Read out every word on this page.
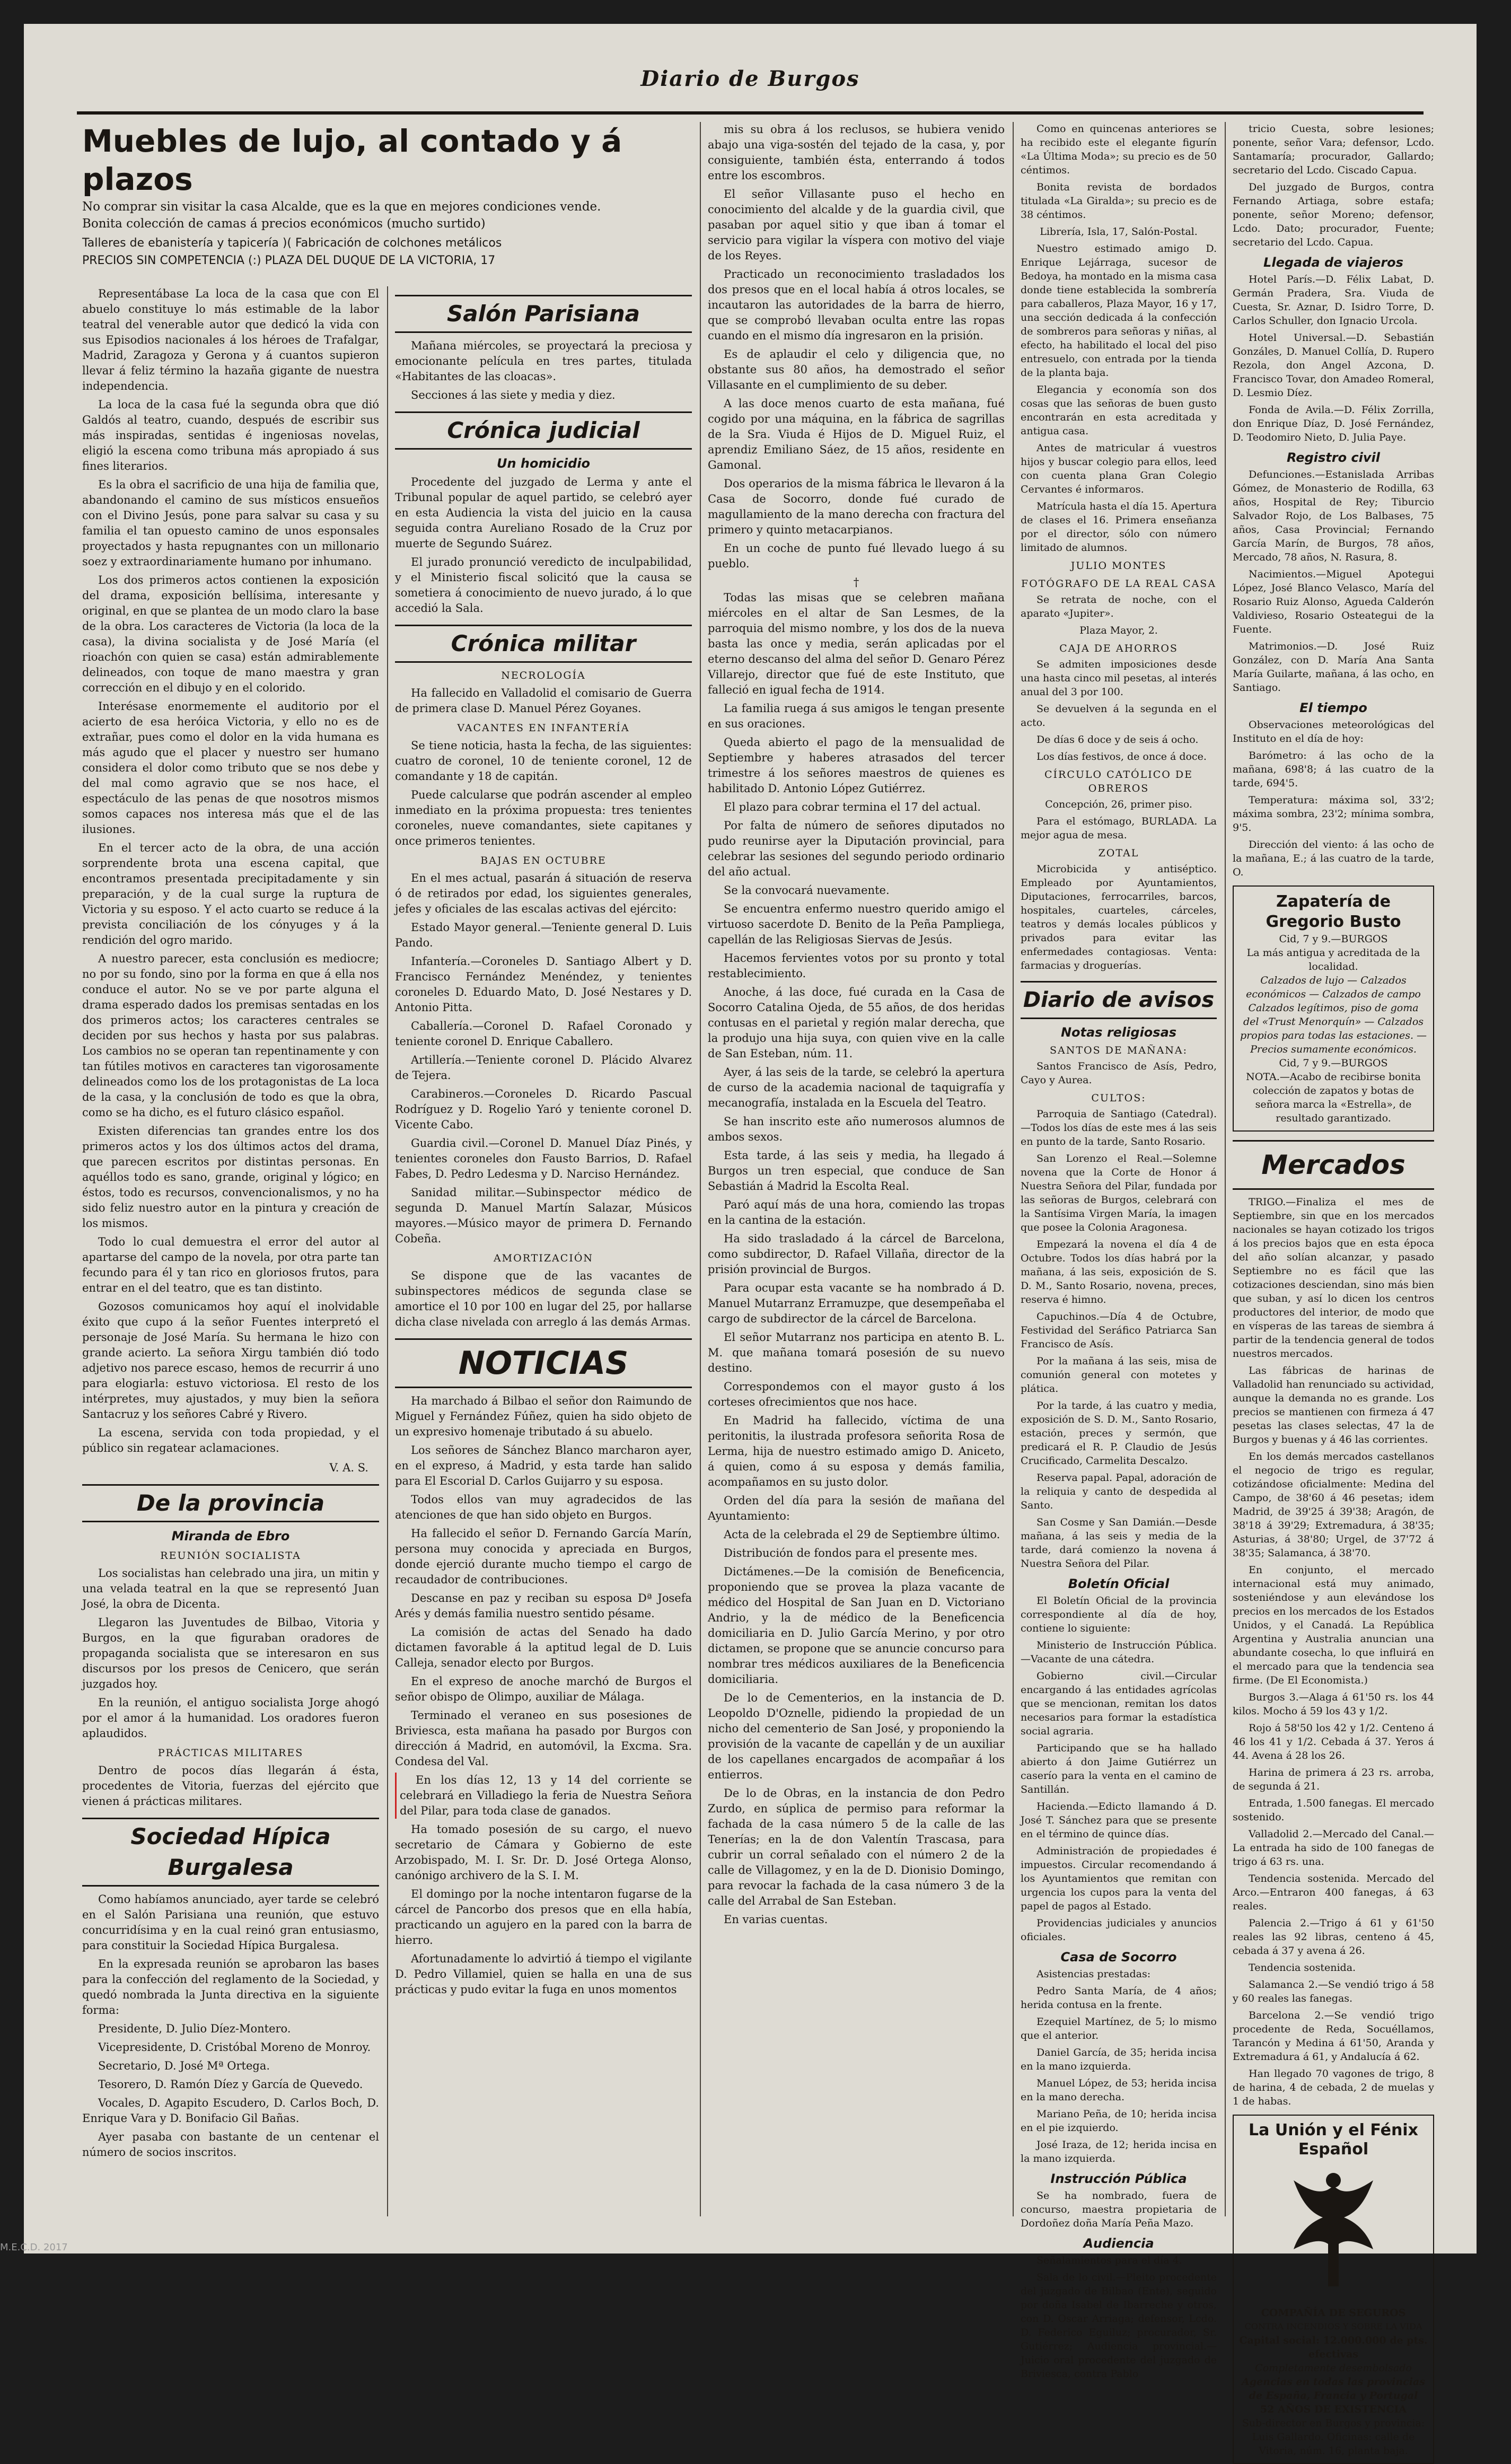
Diario de Burgos
Muebles de lujo, al contado y á plazos
No comprar sin visitar la casa Alcalde, que es la que en mejores condiciones vende.
Bonita colección de camas á precios económicos (mucho surtido)
Talleres de ebanistería y tapicería )( Fabricación de colchones metálicos
PRECIOS SIN COMPETENCIA (:) PLAZA DEL DUQUE DE LA VICTORIA, 17

Representábase La loca de la casa que con El abuelo constituye lo más estimable de la labor teatral del venerable autor que dedicó la vida con sus Episodios nacionales á los héroes de Trafalgar, Madrid, Zaragoza y Gerona y á cuantos supieron llevar á feliz término la hazaña gigante de nuestra independencia.

La loca de la casa fué la segunda obra que dió Galdós al teatro, cuando, después de escribir sus más inspiradas, sentidas é ingeniosas novelas, eligió la escena como tribuna más apropiado á sus fines literarios.

Es la obra el sacrificio de una hija de familia que, abandonando el camino de sus místicos ensueños con el Divino Jesús, pone para salvar su casa y su familia el tan opuesto camino de unos esponsales proyectados y hasta repugnantes con un millonario soez y extraordinariamente humano por inhumano.

Los dos primeros actos contienen la exposición del drama, exposición bellísima, interesante y original, en que se plantea de un modo claro la base de la obra. Los caracteres de Victoria (la loca de la casa), la divina socialista y de José María (el rioachón con quien se casa) están admirablemente delineados, con toque de mano maestra y gran corrección en el dibujo y en el colorido.

Interésase enormemente el auditorio por el acierto de esa heróica Victoria, y ello no es de extrañar, pues como el dolor en la vida humana es más agudo que el placer y nuestro ser humano considera el dolor como tributo que se nos debe y del mal como agravio que se nos hace, el espectáculo de las penas de que nosotros mismos somos capaces nos interesa más que el de las ilusiones.

En el tercer acto de la obra, de una acción sorprendente brota una escena capital, que encontramos presentada precipitadamente y sin preparación, y de la cual surge la ruptura de Victoria y su esposo. Y el acto cuarto se reduce á la prevista conciliación de los cónyuges y á la rendición del ogro marido.

A nuestro parecer, esta conclusión es mediocre; no por su fondo, sino por la forma en que á ella nos conduce el autor. No se ve por parte alguna el drama esperado dados los premisas sentadas en los dos primeros actos; los caracteres centrales se deciden por sus hechos y hasta por sus palabras. Los cambios no se operan tan repentinamente y con tan fútiles motivos en caracteres tan vigorosamente delineados como los de los protagonistas de La loca de la casa, y la conclusión de todo es que la obra, como se ha dicho, es el futuro clásico español.

Existen diferencias tan grandes entre los dos primeros actos y los dos últimos actos del drama, que parecen escritos por distintas personas. En aquéllos todo es sano, grande, original y lógico; en éstos, todo es recursos, convencionalismos, y no ha sido feliz nuestro autor en la pintura y creación de los mismos.

Todo lo cual demuestra el error del autor al apartarse del campo de la novela, por otra parte tan fecundo para él y tan rico en gloriosos frutos, para entrar en el del teatro, que es tan distinto.

Gozosos comunicamos hoy aquí el inolvidable éxito que cupo á la señor Fuentes interpretó el personaje de José María. Su hermana le hizo con grande acierto. La señora Xirgu también dió todo adjetivo nos parece escaso, hemos de recurrir á uno para elogiarla: estuvo victoriosa. El resto de los intérpretes, muy ajustados, y muy bien la señora Santacruz y los señores Cabré y Rivero.

La escena, servida con toda propiedad, y el público sin regatear aclamaciones.

V. A. S.
De la provincia
Miranda de Ebro
REUNIÓN SOCIALISTA

Los socialistas han celebrado una jira, un mitin y una velada teatral en la que se representó Juan José, la obra de Dicenta.

Llegaron las Juventudes de Bilbao, Vitoria y Burgos, en la que figuraban oradores de propaganda socialista que se interesaron en sus discursos por los presos de Cenicero, que serán juzgados hoy.

En la reunión, el antiguo socialista Jorge ahogó por el amor á la humanidad. Los oradores fueron aplaudidos.

PRÁCTICAS MILITARES

Dentro de pocos días llegarán á ésta, procedentes de Vitoria, fuerzas del ejército que vienen á prácticas militares.

Sociedad Hípica Burgalesa

Como habíamos anunciado, ayer tarde se celebró en el Salón Parisiana una reunión, que estuvo concurridísima y en la cual reinó gran entusiasmo, para constituir la Sociedad Hípica Burgalesa.

En la expresada reunión se aprobaron las bases para la confección del reglamento de la Sociedad, y quedó nombrada la Junta directiva en la siguiente forma:

Presidente, D. Julio Díez-Montero.

Vicepresidente, D. Cristóbal Moreno de Monroy.

Secretario, D. José Mª Ortega.

Tesorero, D. Ramón Díez y García de Quevedo.

Vocales, D. Agapito Escudero, D. Carlos Boch, D. Enrique Vara y D. Bonifacio Gil Bañas.

Ayer pasaba con bastante de un centenar el número de socios inscritos.

Salón Parisiana

Mañana miércoles, se proyectará la preciosa y emocionante película en tres partes, titulada «Habitantes de las cloacas».

Secciones á las siete y media y diez.

Crónica judicial
Un homicidio

Procedente del juzgado de Lerma y ante el Tribunal popular de aquel partido, se celebró ayer en esta Audiencia la vista del juicio en la causa seguida contra Aureliano Rosado de la Cruz por muerte de Segundo Suárez.

El jurado pronunció veredicto de inculpabilidad, y el Ministerio fiscal solicitó que la causa se sometiera á conocimiento de nuevo jurado, á lo que accedió la Sala.

Crónica militar
NECROLOGÍA

Ha fallecido en Valladolid el comisario de Guerra de primera clase D. Manuel Pérez Goyanes.

VACANTES EN INFANTERÍA

Se tiene noticia, hasta la fecha, de las siguientes: cuatro de coronel, 10 de teniente coronel, 12 de comandante y 18 de capitán.

Puede calcularse que podrán ascender al empleo inmediato en la próxima propuesta: tres tenientes coroneles, nueve comandantes, siete capitanes y once primeros tenientes.

BAJAS EN OCTUBRE

En el mes actual, pasarán á situación de reserva ó de retirados por edad, los siguientes generales, jefes y oficiales de las escalas activas del ejército:

Estado Mayor general.—Teniente general D. Luis Pando.

Infantería.—Coroneles D. Santiago Albert y D. Francisco Fernández Menéndez, y tenientes coroneles D. Eduardo Mato, D. José Nestares y D. Antonio Pitta.

Caballería.—Coronel D. Rafael Coronado y teniente coronel D. Enrique Caballero.

Artillería.—Teniente coronel D. Plácido Alvarez de Tejera.

Carabineros.—Coroneles D. Ricardo Pascual Rodríguez y D. Rogelio Yaró y teniente coronel D. Vicente Cabo.

Guardia civil.—Coronel D. Manuel Díaz Pinés, y tenientes coroneles don Fausto Barrios, D. Rafael Fabes, D. Pedro Ledesma y D. Narciso Hernández.

Sanidad militar.—Subinspector médico de segunda D. Manuel Martín Salazar, Músicos mayores.—Músico mayor de primera D. Fernando Cobeña.

AMORTIZACIÓN

Se dispone que de las vacantes de subinspectores médicos de segunda clase se amortice el 10 por 100 en lugar del 25, por hallarse dicha clase nivelada con arreglo á las demás Armas.

NOTICIAS

Ha marchado á Bilbao el señor don Raimundo de Miguel y Fernández Fúñez, quien ha sido objeto de un expresivo homenaje tributado á su abuelo.

Los señores de Sánchez Blanco marcharon ayer, en el expreso, á Madrid, y esta tarde han salido para El Escorial D. Carlos Guijarro y su esposa.

Todos ellos van muy agradecidos de las atenciones de que han sido objeto en Burgos.

Ha fallecido el señor D. Fernando García Marín, persona muy conocida y apreciada en Burgos, donde ejerció durante mucho tiempo el cargo de recaudador de contribuciones.

Descanse en paz y reciban su esposa Dª Josefa Arés y demás familia nuestro sentido pésame.

La comisión de actas del Senado ha dado dictamen favorable á la aptitud legal de D. Luis Calleja, senador electo por Burgos.

En el expreso de anoche marchó de Burgos el señor obispo de Olimpo, auxiliar de Málaga.

Terminado el veraneo en sus posesiones de Briviesca, esta mañana ha pasado por Burgos con dirección á Madrid, en automóvil, la Excma. Sra. Condesa del Val.

En los días 12, 13 y 14 del corriente se celebrará en Villadiego la feria de Nuestra Señora del Pilar, para toda clase de ganados.

Ha tomado posesión de su cargo, el nuevo secretario de Cámara y Gobierno de este Arzobispado, M. I. Sr. Dr. D. José Ortega Alonso, canónigo archivero de la S. I. M.

El domingo por la noche intentaron fugarse de la cárcel de Pancorbo dos presos que en ella había, practicando un agujero en la pared con la barra de hierro.

Afortunadamente lo advirtió á tiempo el vigilante D. Pedro Villamiel, quien se halla en una de sus prácticas y pudo evitar la fuga en unos momentos

mis su obra á los reclusos, se hubiera venido abajo una viga-sostén del tejado de la casa, y, por consiguiente, también ésta, enterrando á todos entre los escombros.

El señor Villasante puso el hecho en conocimiento del alcalde y de la guardia civil, que pasaban por aquel sitio y que iban á tomar el servicio para vigilar la víspera con motivo del viaje de los Reyes.

Practicado un reconocimiento trasladados los dos presos que en el local había á otros locales, se incautaron las autoridades de la barra de hierro, que se comprobó llevaban oculta entre las ropas cuando en el mismo día ingresaron en la prisión.

Es de aplaudir el celo y diligencia que, no obstante sus 80 años, ha demostrado el señor Villasante en el cumplimiento de su deber.

A las doce menos cuarto de esta mañana, fué cogido por una máquina, en la fábrica de sagrillas de la Sra. Viuda é Hijos de D. Miguel Ruiz, el aprendiz Emiliano Sáez, de 15 años, residente en Gamonal.

Dos operarios de la misma fábrica le llevaron á la Casa de Socorro, donde fué curado de magullamiento de la mano derecha con fractura del primero y quinto metacarpianos.

En un coche de punto fué llevado luego á su pueblo.

†

Todas las misas que se celebren mañana miércoles en el altar de San Lesmes, de la parroquia del mismo nombre, y los dos de la nueva basta las once y media, serán aplicadas por el eterno descanso del alma del señor D. Genaro Pérez Villarejo, director que fué de este Instituto, que falleció en igual fecha de 1914.

La familia ruega á sus amigos le tengan presente en sus oraciones.

Queda abierto el pago de la mensualidad de Septiembre y haberes atrasados del tercer trimestre á los señores maestros de quienes es habilitado D. Antonio López Gutiérrez.

El plazo para cobrar termina el 17 del actual.

Por falta de número de señores diputados no pudo reunirse ayer la Diputación provincial, para celebrar las sesiones del segundo periodo ordinario del año actual.

Se la convocará nuevamente.

Se encuentra enfermo nuestro querido amigo el virtuoso sacerdote D. Benito de la Peña Pampliega, capellán de las Religiosas Siervas de Jesús.

Hacemos fervientes votos por su pronto y total restablecimiento.

Anoche, á las doce, fué curada en la Casa de Socorro Catalina Ojeda, de 55 años, de dos heridas contusas en el parietal y región malar derecha, que la produjo una hija suya, con quien vive en la calle de San Esteban, núm. 11.

Ayer, á las seis de la tarde, se celebró la apertura de curso de la academia nacional de taquigrafía y mecanografía, instalada en la Escuela del Teatro.

Se han inscrito este año numerosos alumnos de ambos sexos.

Esta tarde, á las seis y media, ha llegado á Burgos un tren especial, que conduce de San Sebastián á Madrid la Escolta Real.

Paró aquí más de una hora, comiendo las tropas en la cantina de la estación.

Ha sido trasladado á la cárcel de Barcelona, como subdirector, D. Rafael Villaña, director de la prisión provincial de Burgos.

Para ocupar esta vacante se ha nombrado á D. Manuel Mutarranz Erramuzpe, que desempeñaba el cargo de subdirector de la cárcel de Barcelona.

El señor Mutarranz nos participa en atento B. L. M. que mañana tomará posesión de su nuevo destino.

Correspondemos con el mayor gusto á los corteses ofrecimientos que nos hace.

En Madrid ha fallecido, víctima de una peritonitis, la ilustrada profesora señorita Rosa de Lerma, hija de nuestro estimado amigo D. Aniceto, á quien, como á su esposa y demás familia, acompañamos en su justo dolor.

Orden del día para la sesión de mañana del Ayuntamiento:

Acta de la celebrada el 29 de Septiembre último.

Distribución de fondos para el presente mes.

Dictámenes.—De la comisión de Beneficencia, proponiendo que se provea la plaza vacante de médico del Hospital de San Juan en D. Victoriano Andrio, y la de médico de la Beneficencia domiciliaria en D. Julio García Merino, y por otro dictamen, se propone que se anuncie concurso para nombrar tres médicos auxiliares de la Beneficencia domiciliaria.

De lo de Cementerios, en la instancia de D. Leopoldo D'Oznelle, pidiendo la propiedad de un nicho del cementerio de San José, y proponiendo la provisión de la vacante de capellán y de un auxiliar de los capellanes encargados de acompañar á los entierros.

De lo de Obras, en la instancia de don Pedro Zurdo, en súplica de permiso para reformar la fachada de la casa número 5 de la calle de las Tenerías; en la de don Valentín Trascasa, para cubrir un corral señalado con el número 2 de la calle de Villagomez, y en la de D. Dionisio Domingo, para revocar la fachada de la casa número 3 de la calle del Arrabal de San Esteban.

En varias cuentas.

Como en quincenas anteriores se ha recibido este el elegante figurín «La Última Moda»; su precio es de 50 céntimos.

Bonita revista de bordados titulada «La Giralda»; su precio es de 38 céntimos.

Librería, Isla, 17, Salón-Postal.

Nuestro estimado amigo D. Enrique Lejárraga, sucesor de Bedoya, ha montado en la misma casa donde tiene establecida la sombrería para caballeros, Plaza Mayor, 16 y 17, una sección dedicada á la confección de sombreros para señoras y niñas, al efecto, ha habilitado el local del piso entresuelo, con entrada por la tienda de la planta baja.

Elegancia y economía son dos cosas que las señoras de buen gusto encontrarán en esta acreditada y antigua casa.

Antes de matricular á vuestros hijos y buscar colegio para ellos, leed con cuenta plana Gran Colegio Cervantes é informaros.

Matrícula hasta el día 15. Apertura de clases el 16. Primera enseñanza por el director, sólo con número limitado de alumnos.

JULIO MONTES
FOTÓGRAFO DE LA REAL CASA

Se retrata de noche, con el aparato «Jupiter».

Plaza Mayor, 2.

CAJA DE AHORROS

Se admiten imposiciones desde una hasta cinco mil pesetas, al interés anual del 3 por 100.

Se devuelven á la segunda en el acto.

De días 6 doce y de seis á ocho.

Los días festivos, de once á doce.

CÍRCULO CATÓLICO DE OBREROS

Concepción, 26, primer piso.

Para el estómago, BURLADA. La mejor agua de mesa.

ZOTAL

Microbicida y antiséptico. Empleado por Ayuntamientos, Diputaciones, ferrocarriles, barcos, hospitales, cuarteles, cárceles, teatros y demás locales públicos y privados para evitar las enfermedades contagiosas. Venta: farmacias y droguerías.

Diario de avisos
Notas religiosas
SANTOS DE MAÑANA:

Santos Francisco de Asís, Pedro, Cayo y Aurea.

CULTOS:

Parroquia de Santiago (Catedral).—Todos los días de este mes á las seis en punto de la tarde, Santo Rosario.

San Lorenzo el Real.—Solemne novena que la Corte de Honor á Nuestra Señora del Pilar, fundada por las señoras de Burgos, celebrará con la Santísima Virgen María, la imagen que posee la Colonia Aragonesa.

Empezará la novena el día 4 de Octubre. Todos los días habrá por la mañana, á las seis, exposición de S. D. M., Santo Rosario, novena, preces, reserva é himno.

Capuchinos.—Día 4 de Octubre, Festividad del Seráfico Patriarca San Francisco de Asís.

Por la mañana á las seis, misa de comunión general con motetes y plática.

Por la tarde, á las cuatro y media, exposición de S. D. M., Santo Rosario, estación, preces y sermón, que predicará el R. P. Claudio de Jesús Crucificado, Carmelita Descalzo.

Reserva papal. Papal, adoración de la reliquia y canto de despedida al Santo.

San Cosme y San Damián.—Desde mañana, á las seis y media de la tarde, dará comienzo la novena á Nuestra Señora del Pilar.

Boletín Oficial

El Boletín Oficial de la provincia correspondiente al día de hoy, contiene lo siguiente:

Ministerio de Instrucción Pública.—Vacante de una cátedra.

Gobierno civil.—Circular encargando á las entidades agrícolas que se mencionan, remitan los datos necesarios para formar la estadística social agraria.

Participando que se ha hallado abierto á don Jaime Gutiérrez un caserío para la venta en el camino de Santillán.

Hacienda.—Edicto llamando á D. José T. Sánchez para que se presente en el término de quince días.

Administración de propiedades é impuestos. Circular recomendando á los Ayuntamientos que remitan con urgencia los cupos para la venta del papel de pagos al Estado.

Providencias judiciales y anuncios oficiales.

Casa de Socorro

Asistencias prestadas:

Pedro Santa María, de 4 años; herida contusa en la frente.

Ezequiel Martínez, de 5; lo mismo que el anterior.

Daniel García, de 35; herida incisa en la mano izquierda.

Manuel López, de 53; herida incisa en la mano derecha.

Mariano Peña, de 10; herida incisa en el pie izquierdo.

José Iraza, de 12; herida incisa en la mano izquierda.

Instrucción Pública

Se ha nombrado, fuera de concurso, maestra propietaria de Dordoñez doña María Peña Mazo.

Audiencia

Señalamientos para el día 4.

Sala de lo civil.—Pleito procedente del juzgado de Bilbao (Ente), seguido por doña Isabel de Ibarreche y otros, con D. Oscar Arriaga; defensor, Lcdo. D. Federico Eguiluz; procurador, Sr. Gutiérrez; Audiencia provincial.—Juicio oral procedente del juzgado de Briviesca, contra Pablo

tricio Cuesta, sobre lesiones; ponente, señor Vara; defensor, Lcdo. Santamaría; procurador, Gallardo; secretario del Lcdo. Ciscado Capua.

Del juzgado de Burgos, contra Fernando Artiaga, sobre estafa; ponente, señor Moreno; defensor, Lcdo. Dato; procurador, Fuente; secretario del Lcdo. Capua.

Llegada de viajeros

Hotel París.—D. Félix Labat, D. Germán Pradera, Sra. Viuda de Cuesta, Sr. Aznar, D. Isidro Torre, D. Carlos Schuller, don Ignacio Urcola.

Hotel Universal.—D. Sebastián Gonzáles, D. Manuel Collía, D. Rupero Rezola, don Angel Azcona, D. Francisco Tovar, don Amadeo Romeral, D. Lesmio Díez.

Fonda de Avila.—D. Félix Zorrilla, don Enrique Díaz, D. José Fernández, D. Teodomiro Nieto, D. Julia Paye.

Registro civil

Defunciones.—Estanislada Arribas Gómez, de Monasterio de Rodilla, 63 años, Hospital de Rey; Tiburcio Salvador Rojo, de Los Balbases, 75 años, Casa Provincial; Fernando García Marín, de Burgos, 78 años, Mercado, 78 años, N. Rasura, 8.

Nacimientos.—Miguel Apotegui López, José Blanco Velasco, María del Rosario Ruiz Alonso, Agueda Calderón Valdivieso, Rosario Osteategui de la Fuente.

Matrimonios.—D. José Ruiz González, con D. María Ana Santa María Guilarte, mañana, á las ocho, en Santiago.

El tiempo

Observaciones meteorológicas del Instituto en el día de hoy:

Barómetro: á las ocho de la mañana, 698'8; á las cuatro de la tarde, 694'5.

Temperatura: máxima sol, 33'2; máxima sombra, 23'2; mínima sombra, 9'5.

Dirección del viento: á las ocho de la mañana, E.; á las cuatro de la tarde, O.

Zapatería de Gregorio Busto
Cid, 7 y 9.—BURGOS
La más antigua y acreditada de la localidad.
Calzados de lujo — Calzados económicos — Calzados de campo
Calzados legítimos, piso de goma del «Trust Menorquín» — Calzados propios para todas las estaciones. — Precios sumamente económicos.
Cid, 7 y 9.—BURGOS
NOTA.—Acabo de recibirse bonita colección de zapatos y botas de señora marca la «Estrella», de resultado garantizado.
Mercados

TRIGO.—Finaliza el mes de Septiembre, sin que en los mercados nacionales se hayan cotizado los trigos á los precios bajos que en esta época del año solían alcanzar, y pasado Septiembre no es fácil que las cotizaciones desciendan, sino más bien que suban, y así lo dicen los centros productores del interior, de modo que en vísperas de las tareas de siembra á partir de la tendencia general de todos nuestros mercados.

Las fábricas de harinas de Valladolid han renunciado su actividad, aunque la demanda no es grande. Los precios se mantienen con firmeza á 47 pesetas las clases selectas, 47 la de Burgos y buenas y á 46 las corrientes.

En los demás mercados castellanos el negocio de trigo es regular, cotizándose oficialmente: Medina del Campo, de 38'60 á 46 pesetas; idem Madrid, de 39'25 á 39'38; Aragón, de 38'18 á 39'29; Extremadura, á 38'35; Asturias, á 38'80; Urgel, de 37'72 á 38'35; Salamanca, á 38'70.

En conjunto, el mercado internacional está muy animado, sosteniéndose y aun elevándose los precios en los mercados de los Estados Unidos, y el Canadá. La República Argentina y Australia anuncian una abundante cosecha, lo que influirá en el mercado para que la tendencia sea firme. (De El Economista.)

Burgos 3.—Alaga á 61'50 rs. los 44 kilos. Mocho á 59 los 43 y 1/2.

Rojo á 58'50 los 42 y 1/2. Centeno á 46 los 41 y 1/2. Cebada á 37. Yeros á 44. Avena á 28 los 26.

Harina de primera á 23 rs. arroba, de segunda á 21.

Entrada, 1.500 fanegas. El mercado sostenido.

Valladolid 2.—Mercado del Canal.—La entrada ha sido de 100 fanegas de trigo á 63 rs. una.

Tendencia sostenida. Mercado del Arco.—Entraron 400 fanegas, á 63 reales.

Palencia 2.—Trigo á 61 y 61'50 reales las 92 libras, centeno á 45, cebada á 37 y avena á 26.

Tendencia sostenida.

Salamanca 2.—Se vendió trigo á 58 y 60 reales las fanegas.

Barcelona 2.—Se vendió trigo procedente de Reda, Socuéllamos, Tarancón y Medina á 61'50, Aranda y Extremadura á 61, y Andalucía á 62.

Han llegado 70 vagones de trigo, 8 de harina, 4 de cebada, 2 de muelas y 1 de habas.

La Unión y el Fénix Español
COMPAÑÍA DE SEGUROS
CONTRA INCENDIOS Y SOBRE LA VIDA
Capital social: 12.000.000 de pts. efectivas
Completamente desembolsado
Agencias en todas las provincias de España, Francia y Portugal
52 AÑOS DE EXISTENCIA
Sub-director en Burgos y provincia: Luis Gallardo. Oficinas: calle de Vitoria, núm. 16, planta baja.
M.E.C.D. 2017
